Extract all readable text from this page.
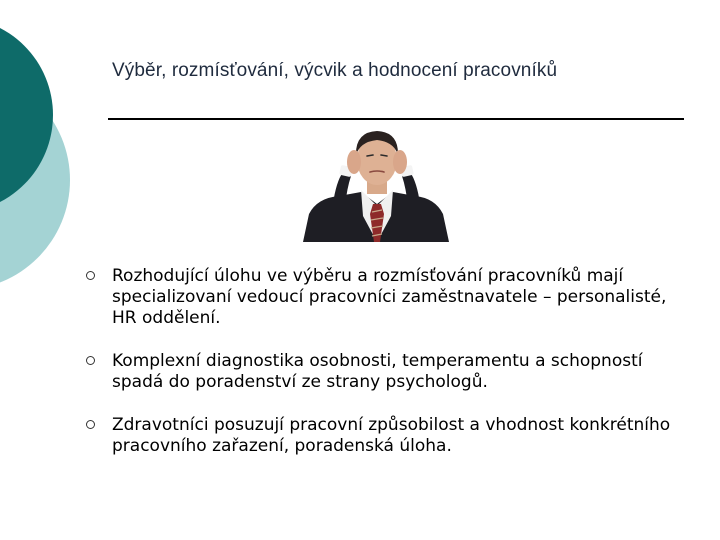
Výběr, rozmísťování, výcvik a hodnocení pracovníků
Rozhodující úlohu ve výběru a rozmísťování pracovníků mají specializovaní vedoucí pracovníci zaměstnavatele – personalisté, HR oddělení.
Komplexní diagnostika osobnosti, temperamentu a schopností spadá do poradenství ze strany psychologů.
Zdravotníci posuzují pracovní způsobilost a vhodnost konkrétního pracovního zařazení, poradenská úloha.
